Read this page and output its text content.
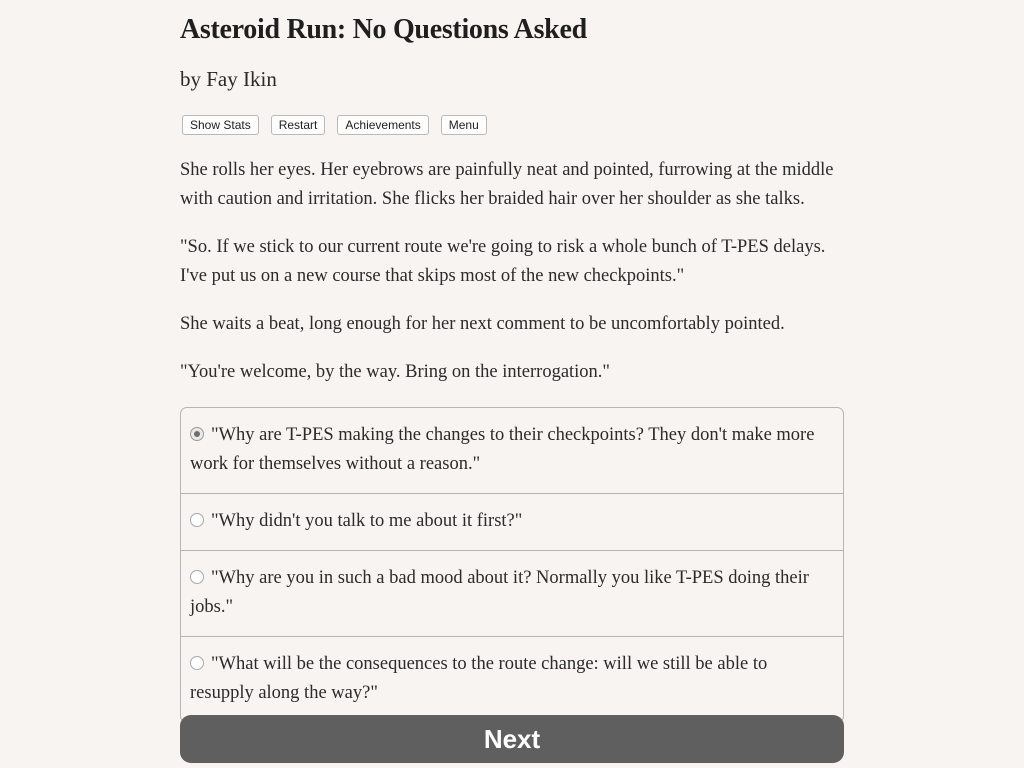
Asteroid Run: No Questions Asked
by Fay Ikin
Show Stats	Restart	Achievements	Menu

She rolls her eyes. Her eyebrows are painfully neat and pointed, furrowing at the middle with caution and irritation. She flicks her braided hair over her shoulder as she talks.

"So. If we stick to our current route we're going to risk a whole bunch of T-PES delays. I've put us on a new course that skips most of the new checkpoints."

She waits a beat, long enough for her next comment to be uncomfortably pointed.

"You're welcome, by the way. Bring on the interrogation."

"Why are T-PES making the changes to their checkpoints? They don't make more work for themselves without a reason."
"Why didn't you talk to me about it first?"
"Why are you in such a bad mood about it? Normally you like T-PES doing their jobs."
"What will be the consequences to the route change: will we still be able to resupply along the way?"
Next
